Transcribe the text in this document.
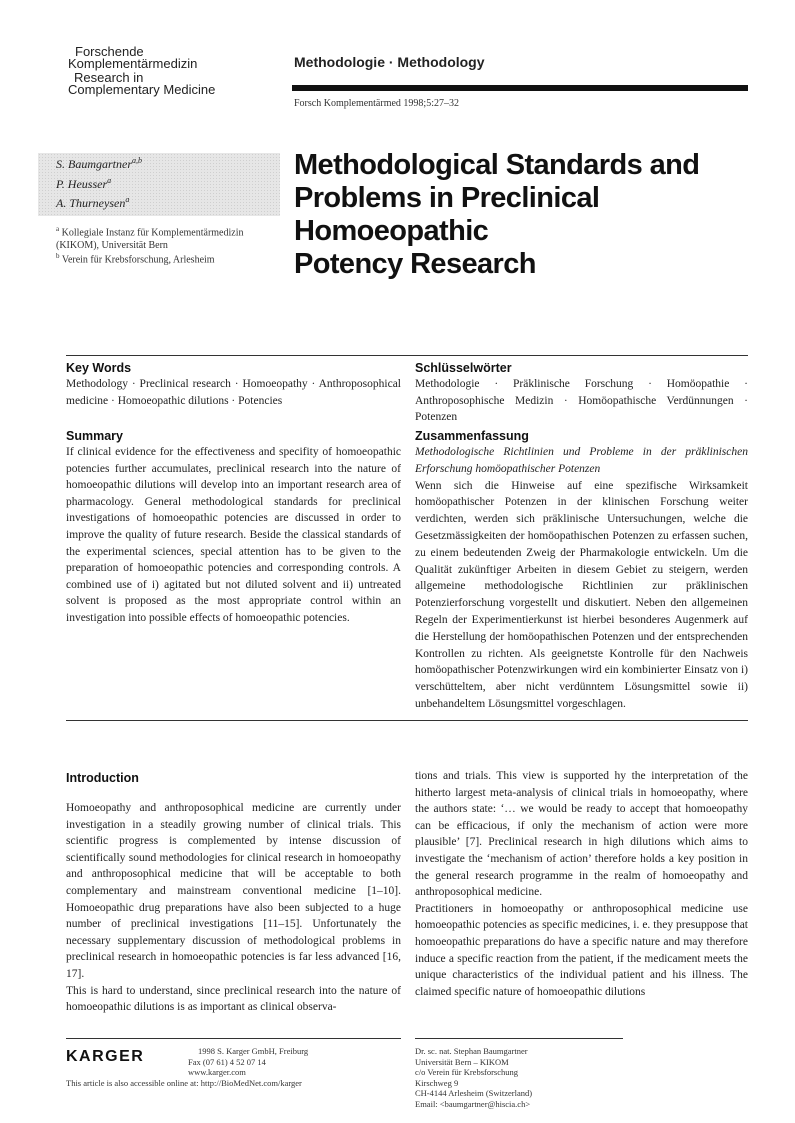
Forschende
Komplementärmedizin
Research in
Complementary Medicine
Methodologie · Methodology
Forsch Komplementärmed 1998;5:27–32
S. Baumgartner$^{a,b}$
P. Heusser$^a$
A. Thurneysen$^a$
$^a$ Kollegiale Instanz für Komplementärmedizin (KIKOM), Universität Bern
$^b$ Verein für Krebsforschung, Arlesheim
Methodological Standards and
Problems in Preclinical Homoeopathic
Potency Research
Key Words
Methodology · Preclinical research · Homoeopathy · Anthroposophical medicine · Homoeopathic dilutions · Potencies
Schlüsselwörter
Methodologie · Präklinische Forschung · Homöopathie · Anthroposophische Medizin · Homöopathische Verdünnungen · Potenzen
Summary
If clinical evidence for the effectiveness and specifity of homoeopathic potencies further accumulates, preclinical research into the nature of homoeopathic dilutions will develop into an important research area of pharmacology. General methodological standards for preclinical investigations of homoeopathic potencies are discussed in order to improve the quality of future research. Beside the classical standards of the experimental sciences, special attention has to be given to the preparation of homoeopathic potencies and corresponding controls. A combined use of i) agitated but not diluted solvent and ii) untreated solvent is proposed as the most appropriate control within an investigation into possible effects of homoeopathic potencies.
Zusammenfassung
Methodologische Richtlinien und Probleme in der präklinischen Erforschung homöopathischer Potenzen
Wenn sich die Hinweise auf eine spezifische Wirksamkeit homöopathischer Potenzen in der klinischen Forschung weiter verdichten, werden sich präklinische Untersuchungen, welche die Gesetzmässigkeiten der homöopathischen Potenzen zu erfassen suchen, zu einem bedeutenden Zweig der Pharmakologie entwickeln. Um die Qualität zukünftiger Arbeiten in diesem Gebiet zu steigern, werden allgemeine methodologische Richtlinien zur präklinischen Potenzierforschung vorgestellt und diskutiert. Neben den allgemeinen Regeln der Experimentierkunst ist hierbei besonderes Augenmerk auf die Herstellung der homöopathischen Potenzen und der entsprechenden Kontrollen zu richten. Als geeignetste Kontrolle für den Nachweis homöopathischer Potenzwirkungen wird ein kombinierter Einsatz von i) verschütteltem, aber nicht verdünntem Lösungsmittel sowie ii) unbehandeltem Lösungsmittel vorgeschlagen.
Introduction
Homoeopathy and anthroposophical medicine are currently under investigation in a steadily growing number of clinical trials. This scientific progress is complemented by intense discussion of scientifically sound methodologies for clinical research in homoeopathy and anthroposophical medicine that will be acceptable to both complementary and mainstream conventional medicine [1–10]. Homoeopathic drug preparations have also been subjected to a huge number of preclinical investigations [11–15]. Unfortunately the necessary supplementary discussion of methodological problems in preclinical research in homoeopathic potencies is far less advanced [16, 17].
This is hard to understand, since preclinical research into the nature of homoeopathic dilutions is as important as clinical observa-
tions and trials. This view is supported hy the interpretation of the hitherto largest meta-analysis of clinical trials in homoeopathy, where the authors state: ‘… we would be ready to accept that homoeopathy can be efficacious, if only the mechanism of action were more plausible’ [7]. Preclinical research in high dilutions which aims to investigate the ‘mechanism of action’ therefore holds a key position in the general research programme in the realm of homoeopathy and anthroposophical medicine.
Practitioners in homoeopathy or anthroposophical medicine use homoeopathic potencies as specific medicines, i. e. they presuppose that homoeopathic preparations do have a specific nature and may therefore induce a specific reaction from the patient, if the medicament meets the unique characteristics of the individual patient and his illness. The claimed specific nature of homoeopathic dilutions
KARGER	1998 S. Karger GmbH, Freiburg
Fax (07 61) 4 52 07 14
www.karger.com
This article is also accessible online at: http://BioMedNet.com/karger
Dr. sc. nat. Stephan Baumgartner
Universität Bern – KIKOM
c/o Verein für Krebsforschung
Kirschweg 9
CH-4144 Arlesheim (Switzerland)
Email: <baumgartner@hiscia.ch>
